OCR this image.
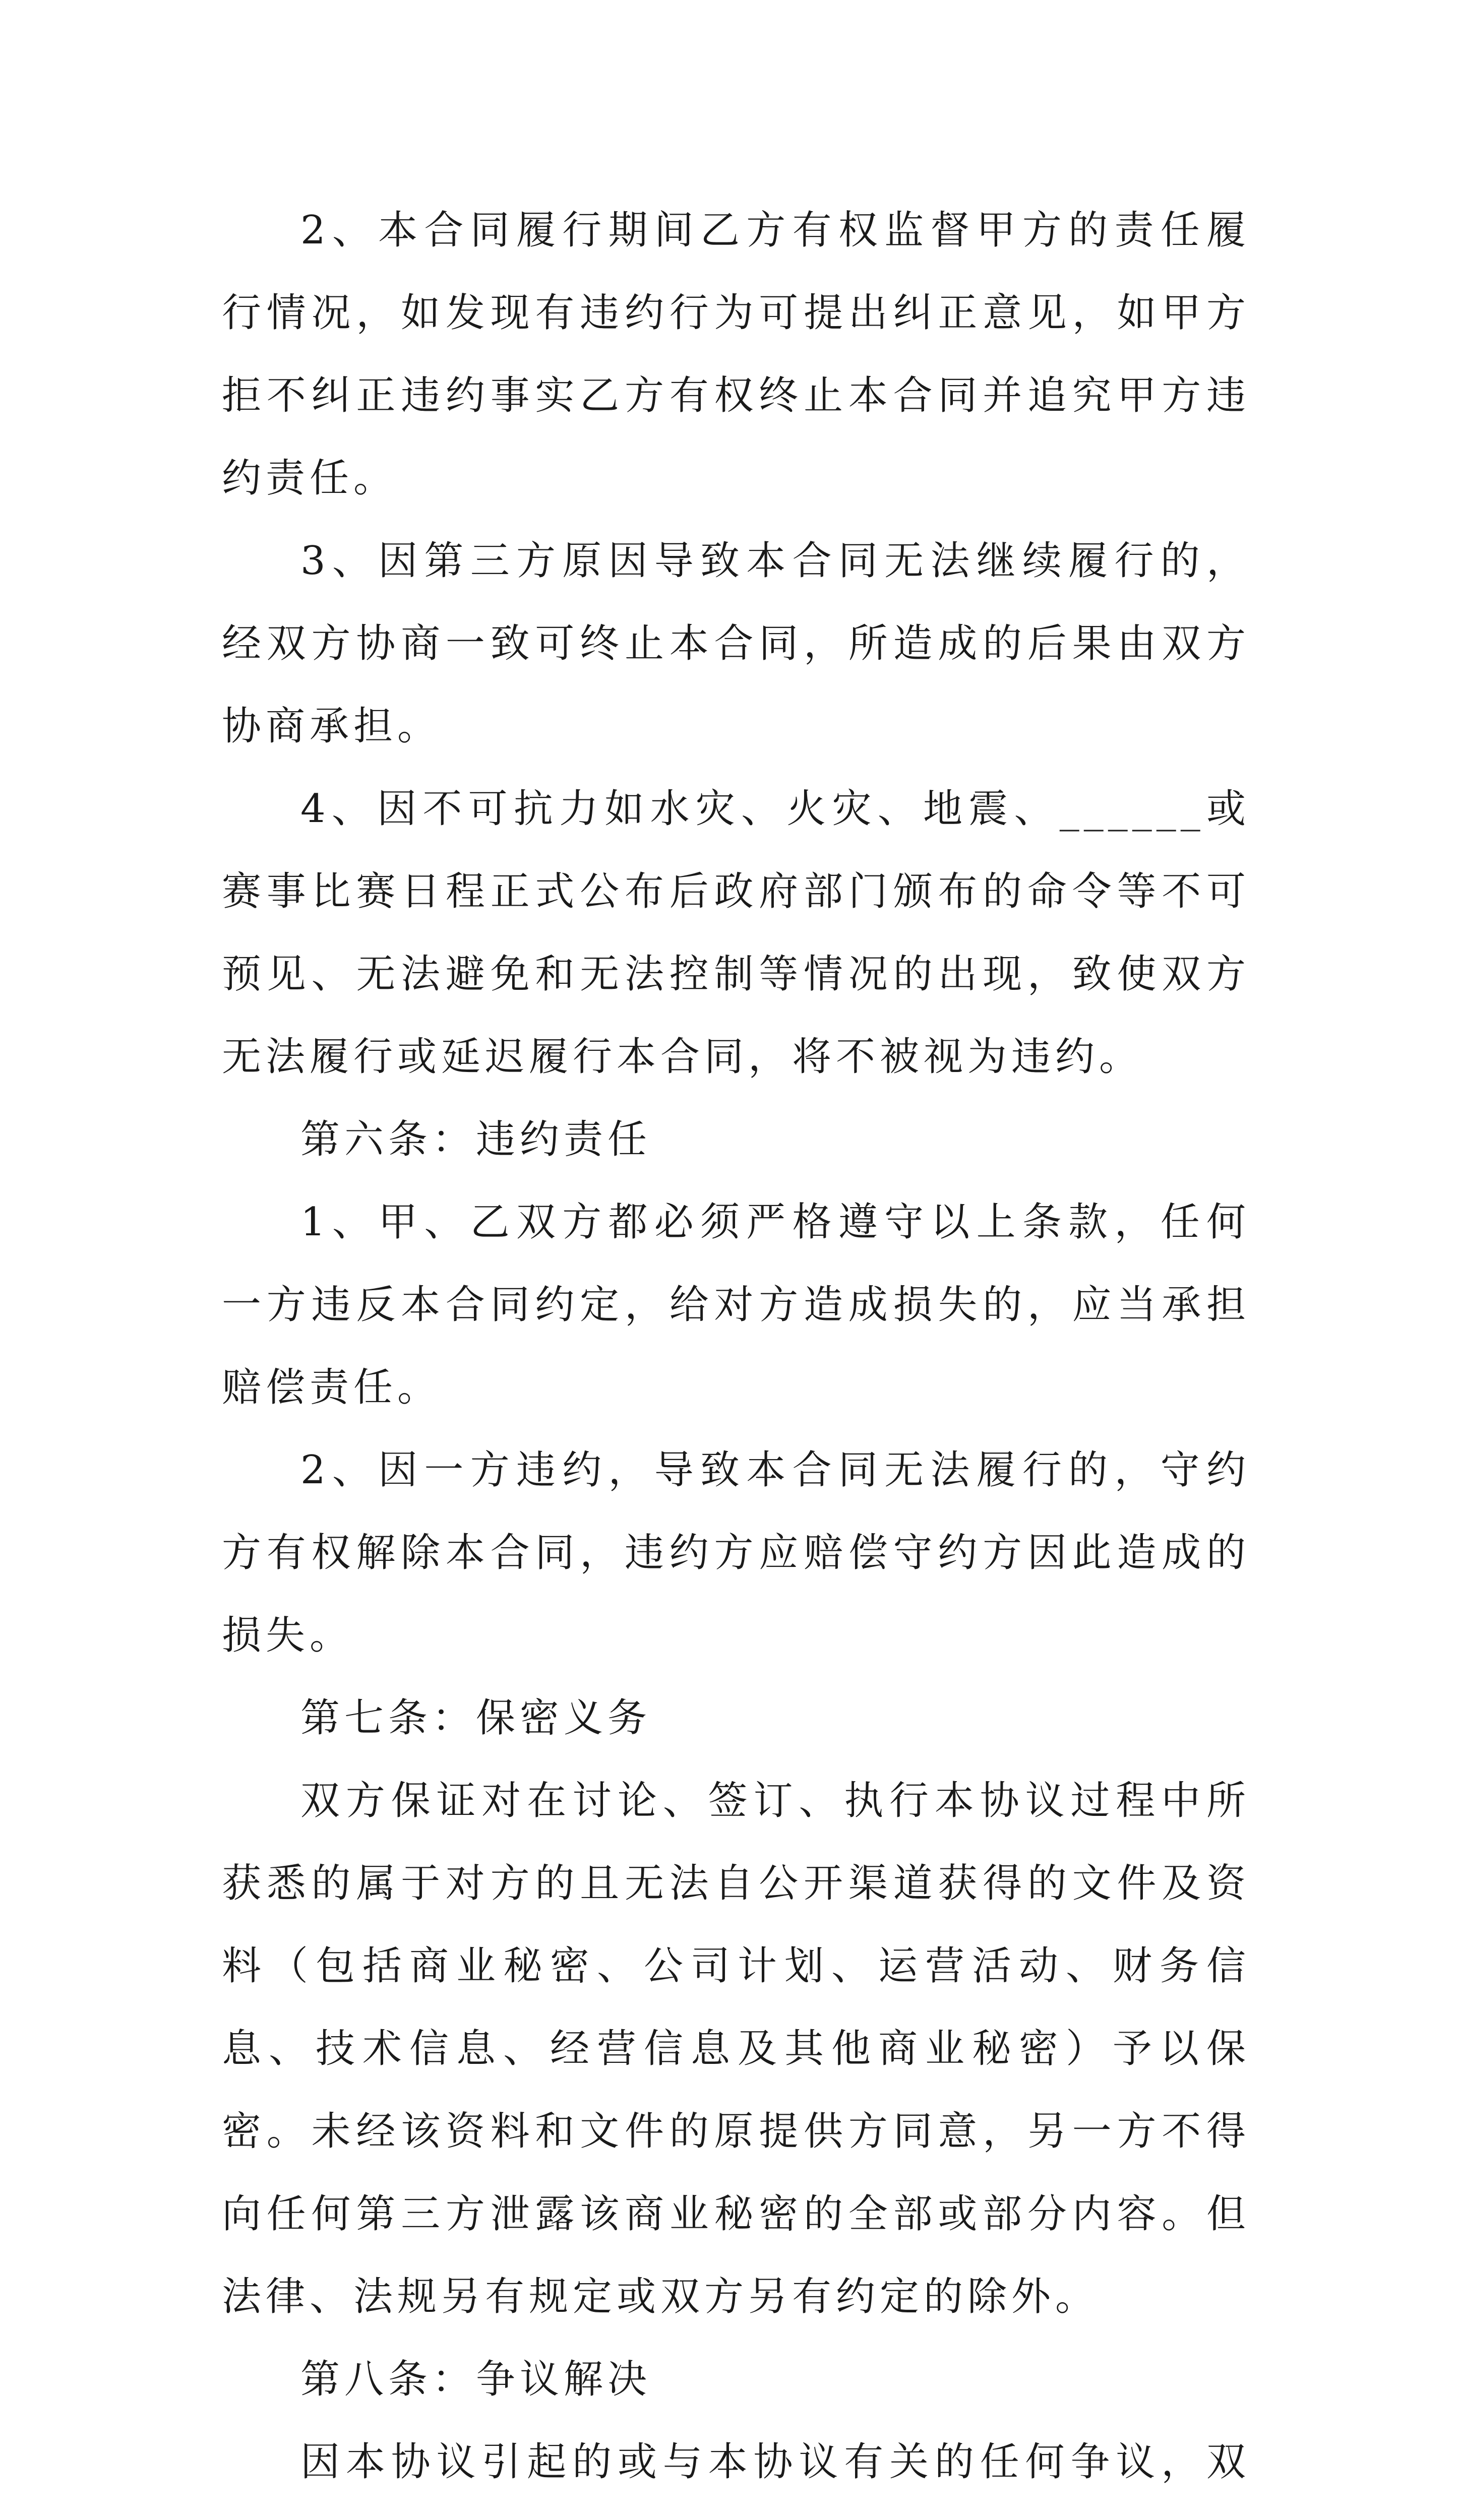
2、本合同履行期间乙方有权监督甲方的责任履行情况，如发现有违约行为可提出纠正意见，如甲方拒不纠正违约事实乙方有权终止本合同并追究甲方违约责任。

3、因第三方原因导致本合同无法继续履行的，经双方协商一致可终止本合同，所造成的后果由双方协商承担。

4、因不可抗力如水灾、火灾、地震、______或赛事比赛日程正式公布后政府部门颁布的命令等不可预见、无法避免和无法控制等情况的出现，致使双方无法履行或延迟履行本合同，将不被视为违约。

第六条：违约责任

1、甲、乙双方都必须严格遵守以上条款，任何一方违反本合同约定，给对方造成损失的，应当承担赔偿责任。

2、因一方违约，导致本合同无法履行的，守约方有权解除本合同，违约方应赔偿守约方因此造成的损失。

第七条：保密义务

双方保证对在讨论、签订、执行本协议过程中所获悉的属于对方的且无法自公开渠道获得的文件及资料（包括商业秘密、公司计划、运营活动、财务信息、技术信息、经营信息及其他商业秘密）予以保密。未经该资料和文件的原提供方同意，另一方不得向任何第三方泄露该商业秘密的全部或部分内容。但法律、法规另有规定或双方另有约定的除外。

第八条：争议解决

因本协议引起的或与本协议有关的任何争议，双
